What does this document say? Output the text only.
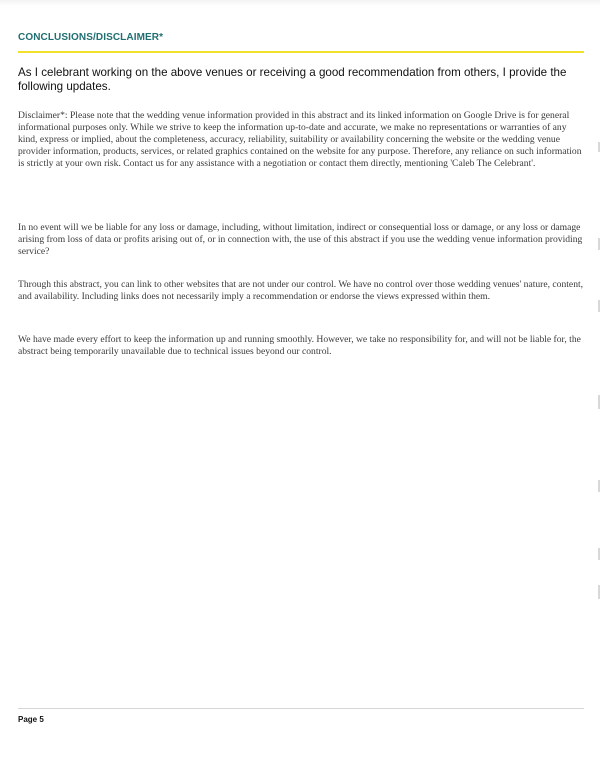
CONCLUSIONS/DISCLAIMER*
As I celebrant working on the above venues or receiving a good recommendation from others, I provide the following updates.

Disclaimer*: Please note that the wedding venue information provided in this abstract and its linked information on Google Drive is for general informational purposes only. While we strive to keep the information up-to-date and accurate, we make no representations or warranties of any kind, express or implied, about the completeness, accuracy, reliability, suitability or availability concerning the website or the wedding venue provider information, products, services, or related graphics contained on the website for any purpose. Therefore, any reliance on such information is strictly at your own risk. Contact us for any assistance with a negotiation or contact them directly, mentioning 'Caleb The Celebrant'.

In no event will we be liable for any loss or damage, including, without limitation, indirect or consequential loss or damage, or any loss or damage arising from loss of data or profits arising out of, or in connection with, the use of this abstract if you use the wedding venue information providing service?

Through this abstract, you can link to other websites that are not under our control. We have no control over those wedding venues' nature, content, and availability. Including links does not necessarily imply a recommendation or endorse the views expressed within them.

We have made every effort to keep the information up and running smoothly. However, we take no responsibility for, and will not be liable for, the abstract being temporarily unavailable due to technical issues beyond our control.

Page 5
